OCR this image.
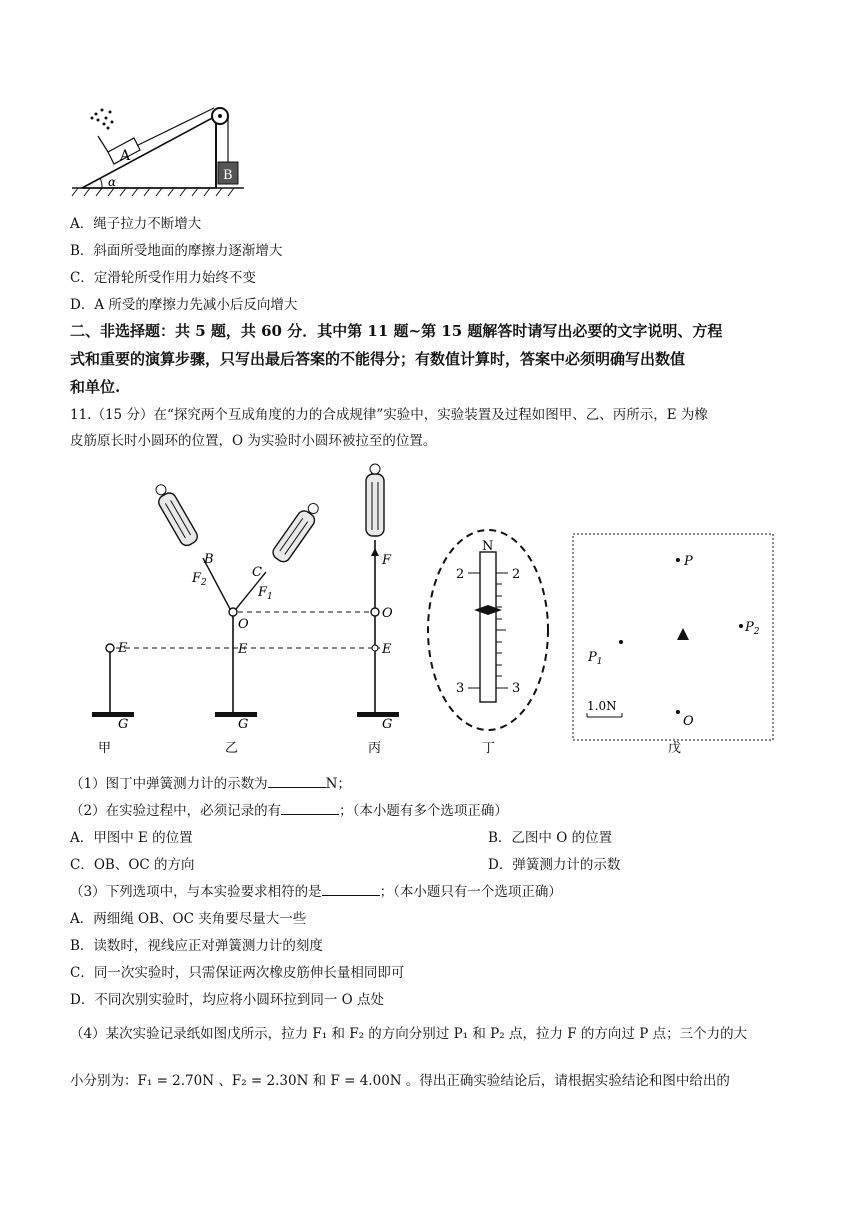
B
A
α
A．绳子拉力不断增大
B．斜面所受地面的摩擦力逐渐增大
C．定滑轮所受作用力始终不变
D．A 所受的摩擦力先减小后反向增大
二、非选择题：共 5 题，共 60 分．其中第 11 题~第 15 题解答时请写出必要的文字说明、方程
式和重要的演算步骤，只写出最后答案的不能得分；有数值计算时，答案中必须明确写出数值
和单位.
11.（15 分）在“探究两个互成角度的力的合成规律”实验中，实验装置及过程如图甲、乙、丙所示，E 为橡
皮筋原长时小圆环的位置，O 为实验时小圆环被拉至的位置。
E
G
甲
B
C
$F_2$
$F_1$
O
E
G
乙
F
O
E
G
丙
N
2	2
3	3
丁
P
$P_1$
$P_2$
O
1.0N
戊
（1）图丁中弹簧测力计的示数为	N；
（2）在实验过程中，必须记录的有	；（本小题有多个选项正确）
A．甲图中 E 的位置	B．乙图中 O 的位置
C．OB、OC 的方向	D．弹簧测力计的示数
（3）下列选项中，与本实验要求相符的是	；（本小题只有一个选项正确）
A．两细绳 OB、OC 夹角要尽量大一些
B．读数时，视线应正对弹簧测力计的刻度
C．同一次实验时，只需保证两次橡皮筋伸长量相同即可
D．不同次别实验时，均应将小圆环拉到同一 O 点处
（4）某次实验记录纸如图戊所示，拉力 F₁ 和 F₂ 的方向分别过 P₁ 和 P₂ 点，拉力 F 的方向过 P 点；三个力的大
小分别为：F₁ = 2.70N 、F₂ = 2.30N 和 F = 4.00N 。得出正确实验结论后，请根据实验结论和图中给出的
